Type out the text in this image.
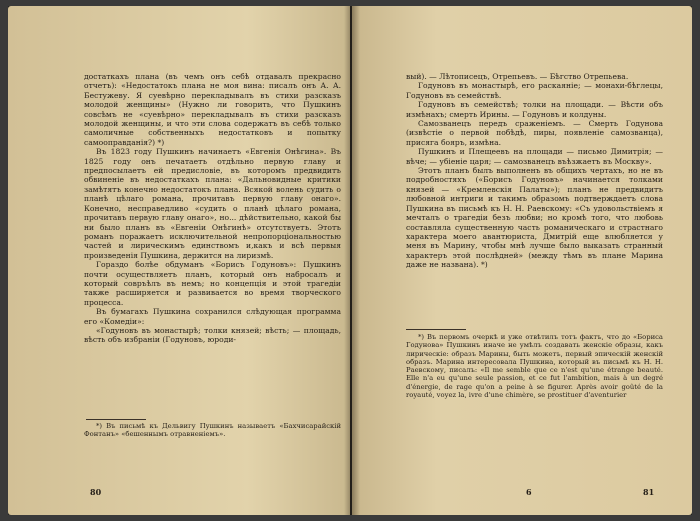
достаткахъ плана (въ чемъ онъ себѣ отдавалъ прекрасно отчетъ): «Недостатокъ плана не моя вина: писалъ онъ А. А. Бестужеву. Я суевѣрно перекладывалъ въ стихи разсказъ молодой женщины» (Нужно ли говорить, что Пушкинъ совсѣмъ не «суевѣрно» перекладывалъ въ стихи разсказъ молодой женщины, и что эти слова содержатъ въ себѣ только самоличные собственныхъ недостатковъ и попытку самооправданія?) *)

Въ 1823 году Пушкинъ начинаетъ «Евгенія Онѣгина». Въ 1825 году онъ печатаетъ отдѣльно первую главу и предпосылаетъ ей предисловіе, въ которомъ предвидитъ обвиненіе въ недостаткахъ плана: «Дальновидные критики замѣтятъ конечно недостатокъ плана. Всякой волень судить о планѣ цѣлаго романа, прочитавъ первую главу онаго». Конечно, несправедливо «судить о планѣ цѣлаго романа, прочитавъ первую главу онаго», но... дѣйствительно, какой бы ни было планъ въ «Евгеніи Онѣгинѣ» отсутствуетъ. Этотъ романъ поражаетъ исключительной непропорціональностью частей и лирическимъ единствомъ и,какъ и всѣ первыя произведенія Пушкина, держится на лиризмѣ.

Гораздо болѣе обдуманъ «Борисъ Годуновъ»: Пушкинъ почти осуществляетъ планъ, который онъ набросалъ и который совръѣлъ въ немъ; но концепція и этой трагедіи также расширяется и развивается во время творческого процесса.

Въ бумагахъ Пушкина сохранился слѣдующая программа его «Комедіи»:

«Годуновъ въ монастырѣ; толки князей; вѣсть; — площадь, вѣсть объ избраніи (Годуновъ, юроди-

*) Въ письмѣ къ Дельвигу Пушкинъ называетъ «Бахчисарайскій Фонтанъ» «бешеннымъ отравненіемъ».

80

вый). — Лѣтописецъ, Отрепьевъ. — Бѣгство Отрепьева.

Годуновъ въ монастырѣ, его раскаяніе; — монахи-бѣглецы, Годуновъ въ семействѣ.

Годуновъ въ семействѣ; толки на площади. — Вѣсти объ измѣнахъ; смерть Ирины. — Годуновъ и колдуны.

Самозванецъ передъ сраженіемъ. — Смерть Годунова (извѣстіе о первой побѣдѣ, пиры, появленіе самозванца), присяга бояръ, измѣна.

Пушкинъ и Плещеевъ на площади — письмо Димитрія; — вѣче; — убіеніе царя; — самозванецъ въѣзжаетъ въ Москву».

Этотъ планъ былъ выполненъ въ общихъ чертахъ, но не въ подробностяхъ («Борисъ Годуновъ» начинается толками князей — «Кремлевскія Палаты»); планъ не предвидитъ любовной интриги и такимъ образомъ подтверждаетъ слова Пушкина въ письмѣ къ Н. Н. Раевскому: «Съ удовольствіемъ я мечталъ о трагедіи безъ любви; но кромѣ того, что любовь составляла существенную часть романическаго и страстнаго характера моего авантюриста, Дмитрій еще влюбляется у меня въ Марину, чтобы мнѣ лучше было выказать странный характеръ этой послѣдней» (между тѣмъ въ плане Марина даже не названа). *)

*) Въ первомъ очеркѣ и уже отвѣтилъ тотъ фактъ, что до «Бориса Годунова» Пушкинъ иначе не умѣлъ создавать женскіе образы, какъ лирическіе: образъ Марины, быть можетъ, первый эпическій женскій образъ. Марина интересовала Пушкина, который въ письмѣ къ Н. Н. Раевскому, писалъ: «Il me semble que ce n'est qu'une étrange beauté. Elle n'a eu qu'une seule passion, et ce fut l'ambition, mais à un degré d'énergie, de rage qu'on a peine à se figurer. Après avoir goûté de la royauté, voyez la, ivre d'une chimère, se prostituer d'aventurier

6	81
